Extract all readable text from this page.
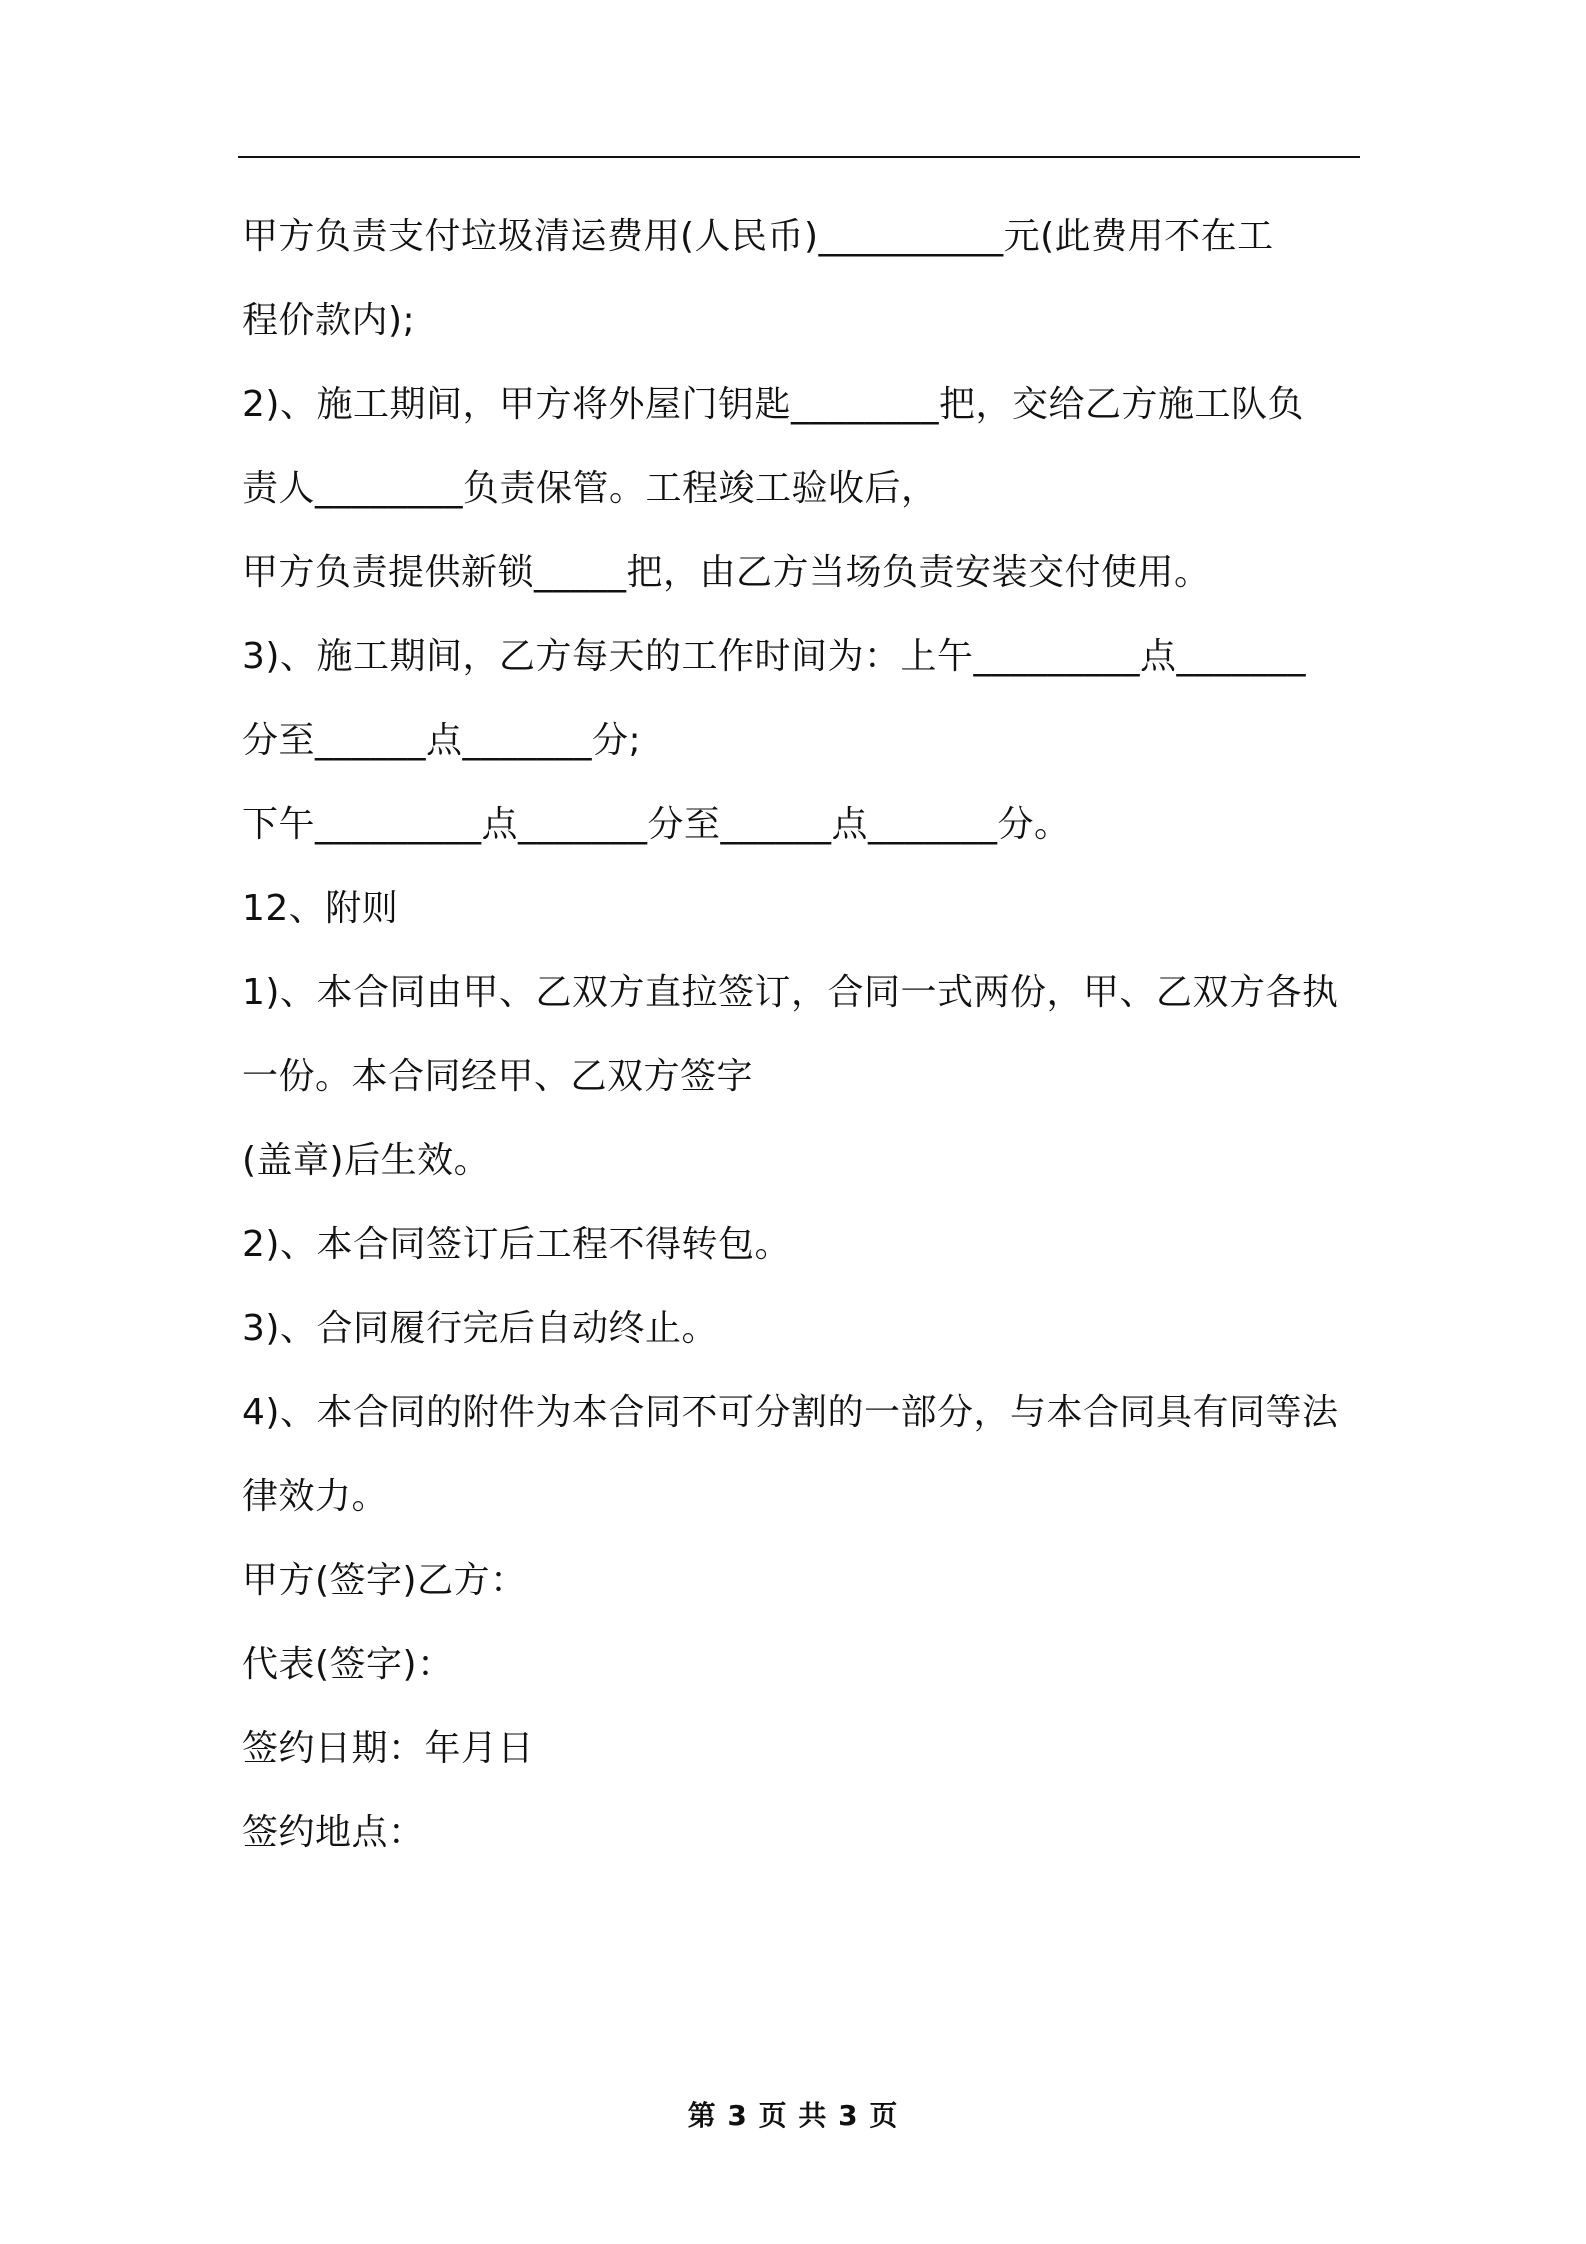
甲方负责支付垃圾清运费用(人民币)__________元(此费用不在工
程价款内);
2)、施工期间，甲方将外屋门钥匙________把，交给乙方施工队负
责人________负责保管。工程竣工验收后，
甲方负责提供新锁_____把，由乙方当场负责安装交付使用。
3)、施工期间，乙方每天的工作时间为：上午_________点_______
分至______点_______分;
下午_________点_______分至______点_______分。
12、附则
1)、本合同由甲、乙双方直拉签订，合同一式两份，甲、乙双方各执
一份。本合同经甲、乙双方签字
(盖章)后生效。
2)、本合同签订后工程不得转包。
3)、合同履行完后自动终止。
4)、本合同的附件为本合同不可分割的一部分，与本合同具有同等法
律效力。
甲方(签字)乙方：
代表(签字)：
签约日期：年月日
签约地点：
第 3 页 共 3 页
